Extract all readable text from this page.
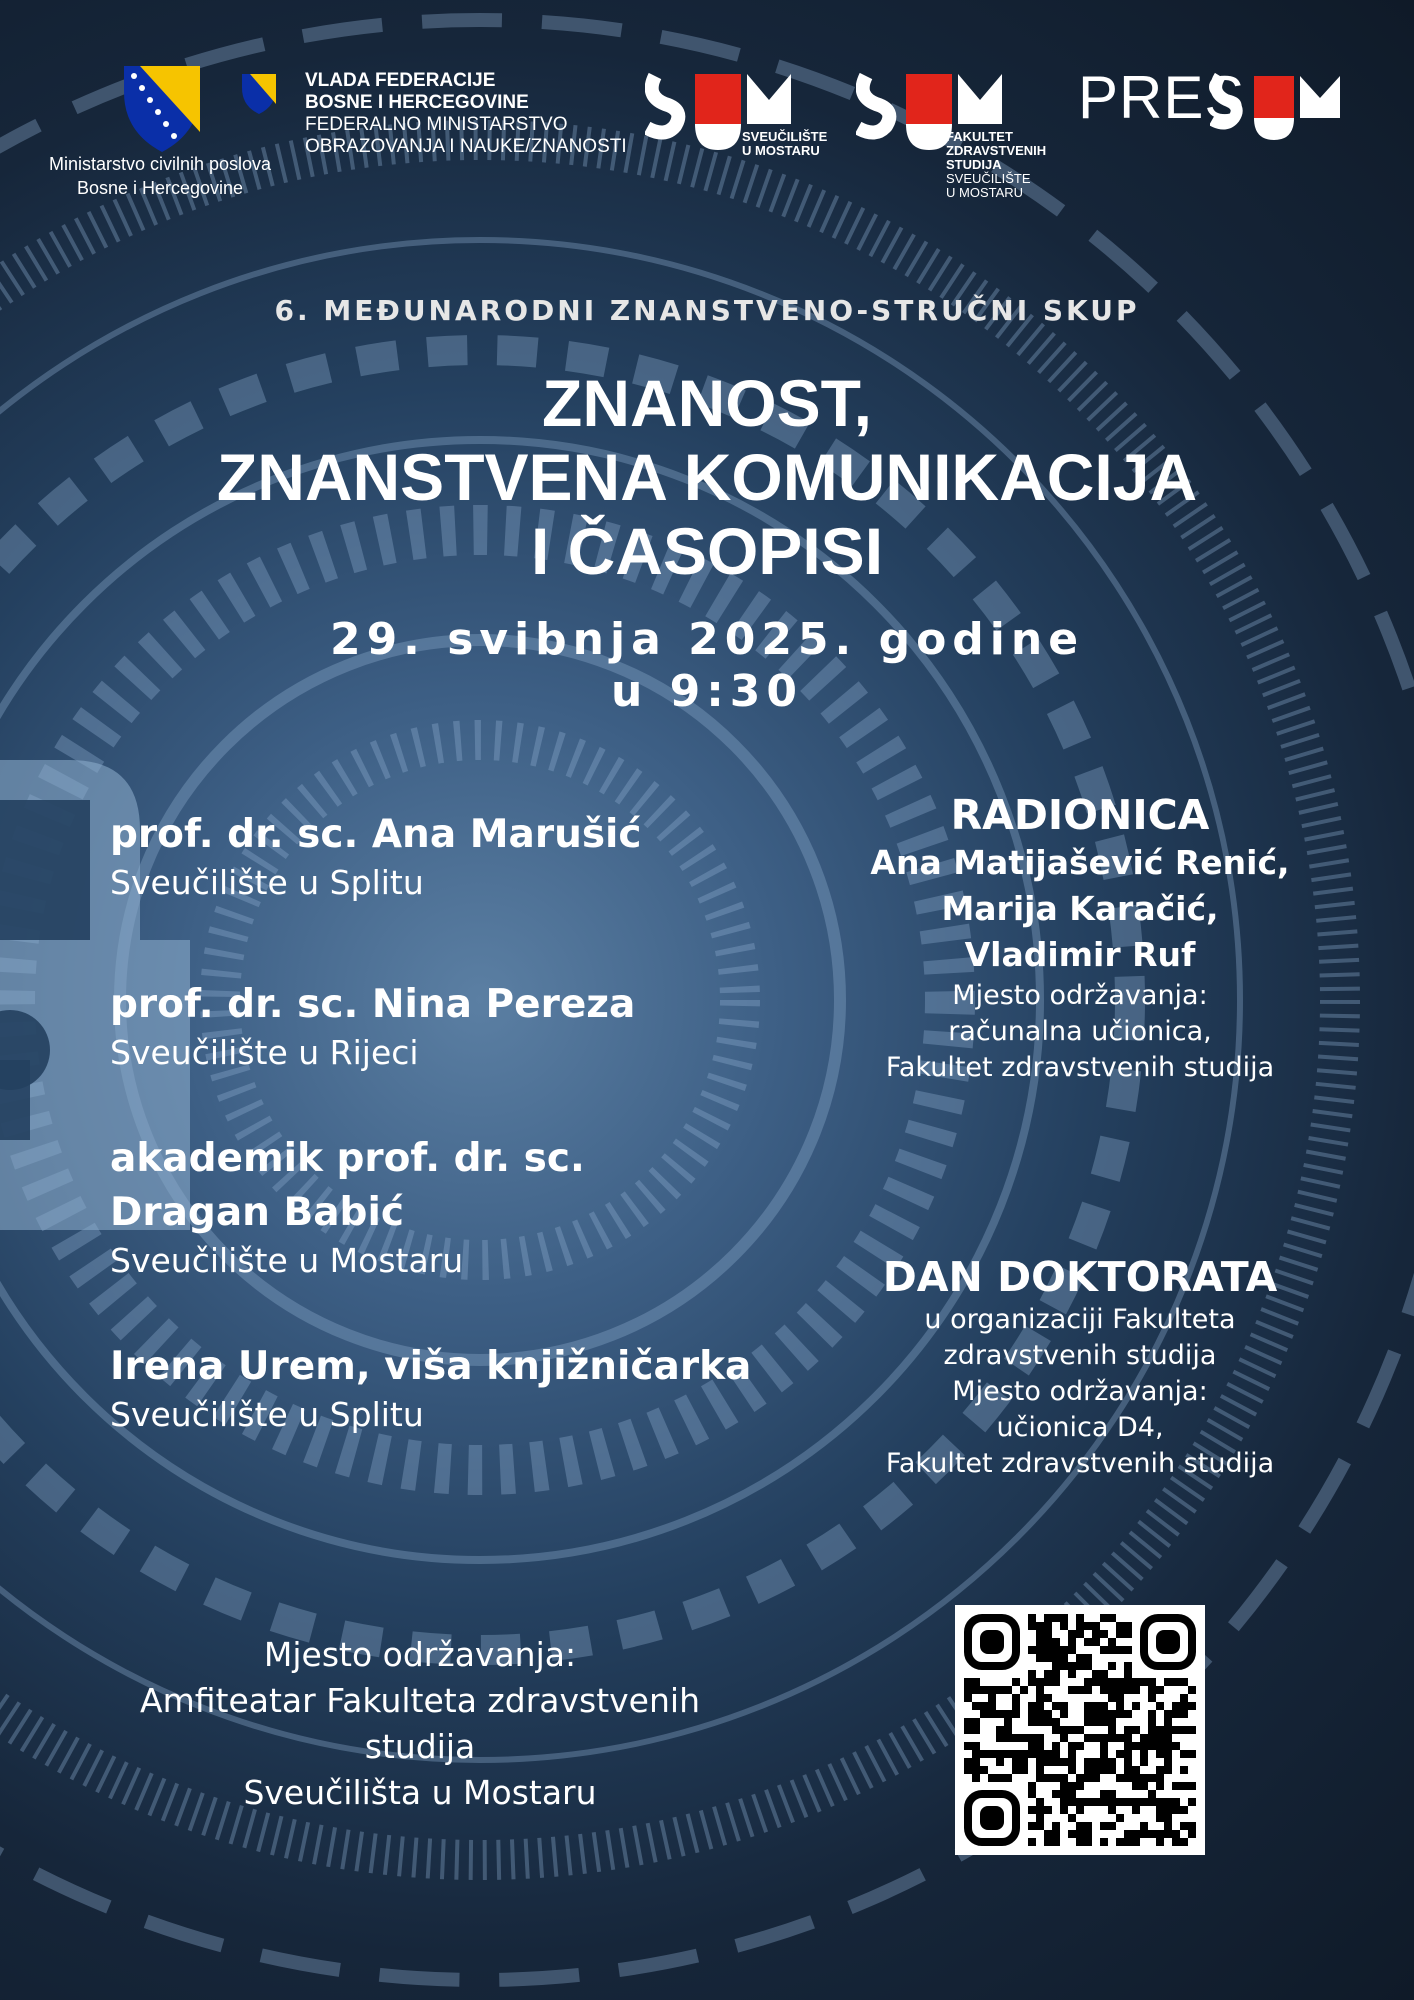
Ministarstvo civilnih poslova
Bosne i Hercegovine
VLADA FEDERACIJE
BOSNE I HERCEGOVINE
FEDERALNO MINISTARSTVO
OBRAZOVANJA I NAUKE/ZNANOSTI	SVEUČILIŠTE
U MOSTARU
FAKULTET
ZDRAVSTVENIH
STUDIJA
SVEUČILIŠTE
U MOSTARU
PRES
6. MEĐUNARODNI ZNANSTVENO-STRUČNI SKUP
ZNANOST,
ZNANSTVENA KOMUNIKACIJA
I ČASOPISI
29. svibnja 2025. godine
u 9:30
prof. dr. sc. Ana Marušić
Sveučilište u Splitu
prof. dr. sc. Nina Pereza
Sveučilište u Rijeci
akademik prof. dr. sc.
Dragan Babić
Sveučilište u Mostaru
Irena Urem, viša knjižničarka
Sveučilište u Splitu
RADIONICA
Ana Matijašević Renić,
Marija Karačić,
Vladimir Ruf
Mjesto održavanja:
računalna učionica,
Fakultet zdravstvenih studija
DAN DOKTORATA
u organizaciji Fakulteta
zdravstvenih studija
Mjesto održavanja:
učionica D4,
Fakultet zdravstvenih studija
Mjesto održavanja:
Amfiteatar Fakulteta zdravstvenih
studija
Sveučilišta u Mostaru
